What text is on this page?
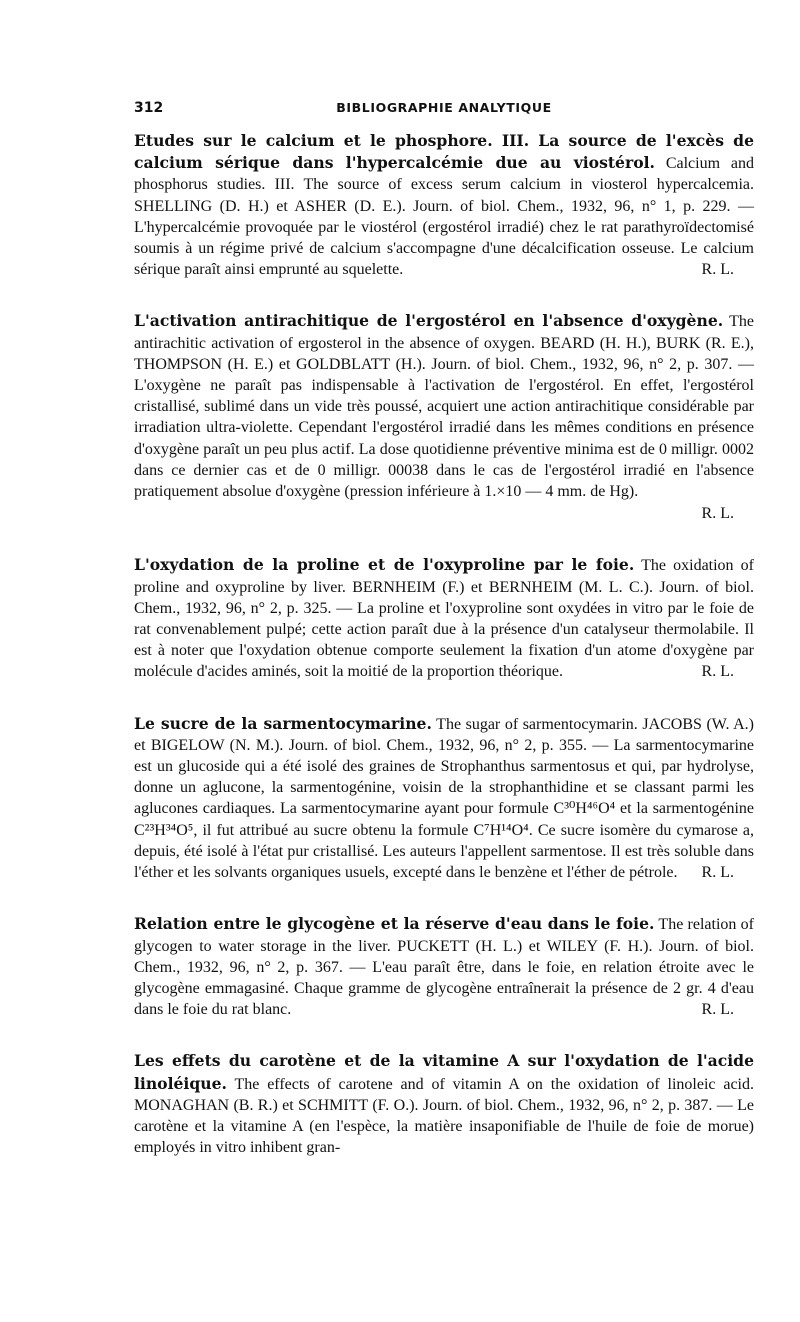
312	BIBLIOGRAPHIE ANALYTIQUE

Etudes sur le calcium et le phosphore. III. La source de l'excès de calcium sérique dans l'hypercalcémie due au viostérol. Calcium and phosphorus studies. III. The source of excess serum calcium in viosterol hypercalcemia. SHELLING (D. H.) et ASHER (D. E.). Journ. of biol. Chem., 1932, 96, n° 1, p. 229. — L'hypercalcémie provoquée par le viostérol (ergostérol irradié) chez le rat parathyroïdectomisé soumis à un régime privé de calcium s'accompagne d'une décalcification osseuse. Le calcium sérique paraît ainsi emprunté au squelette.	R. L.

L'activation antirachitique de l'ergostérol en l'absence d'oxygène. The antirachitic activation of ergosterol in the absence of oxygen. BEARD (H. H.), BURK (R. E.), THOMPSON (H. E.) et GOLDBLATT (H.). Journ. of biol. Chem., 1932, 96, n° 2, p. 307. — L'oxygène ne paraît pas indispensable à l'activation de l'ergostérol. En effet, l'ergostérol cristallisé, sublimé dans un vide très poussé, acquiert une action antirachitique considérable par irradiation ultra-violette. Cependant l'ergostérol irradié dans les mêmes conditions en présence d'oxygène paraît un peu plus actif. La dose quotidienne préventive minima est de 0 milligr. 0002 dans ce dernier cas et de 0 milligr. 00038 dans le cas de l'ergostérol irradié en l'absence pratiquement absolue d'oxygène (pression inférieure à 1.×10 — 4 mm. de Hg).

R. L.

L'oxydation de la proline et de l'oxyproline par le foie. The oxidation of proline and oxyproline by liver. BERNHEIM (F.) et BERNHEIM (M. L. C.). Journ. of biol. Chem., 1932, 96, n° 2, p. 325. — La proline et l'oxyproline sont oxydées in vitro par le foie de rat convenablement pulpé; cette action paraît due à la présence d'un catalyseur thermolabile. Il est à noter que l'oxydation obtenue comporte seulement la fixation d'un atome d'oxygène par molécule d'acides aminés, soit la moitié de la proportion théorique.	R. L.

Le sucre de la sarmentocymarine. The sugar of sarmentocymarin. JACOBS (W. A.) et BIGELOW (N. M.). Journ. of biol. Chem., 1932, 96, n° 2, p. 355. — La sarmentocymarine est un glucoside qui a été isolé des graines de Strophanthus sarmentosus et qui, par hydrolyse, donne un aglucone, la sarmentogénine, voisin de la strophanthidine et se classant parmi les aglucones cardiaques. La sarmentocymarine ayant pour formule C³⁰H⁴⁶O⁴ et la sarmentogénine C²³H³⁴O⁵, il fut attribué au sucre obtenu la formule C⁷H¹⁴O⁴. Ce sucre isomère du cymarose a, depuis, été isolé à l'état pur cristallisé. Les auteurs l'appellent sarmentose. Il est très soluble dans l'éther et les solvants organiques usuels, excepté dans le benzène et l'éther de pétrole. R. L.

Relation entre le glycogène et la réserve d'eau dans le foie. The relation of glycogen to water storage in the liver. PUCKETT (H. L.) et WILEY (F. H.). Journ. of biol. Chem., 1932, 96, n° 2, p. 367. — L'eau paraît être, dans le foie, en relation étroite avec le glycogène emmagasiné. Chaque gramme de glycogène entraînerait la présence de 2 gr. 4 d'eau dans le foie du rat blanc.	R. L.

Les effets du carotène et de la vitamine A sur l'oxydation de l'acide linoléique. The effects of carotene and of vitamin A on the oxidation of linoleic acid. MONAGHAN (B. R.) et SCHMITT (F. O.). Journ. of biol. Chem., 1932, 96, n° 2, p. 387. — Le carotène et la vitamine A (en l'espèce, la matière insaponifiable de l'huile de foie de morue) employés in vitro inhibent gran-
